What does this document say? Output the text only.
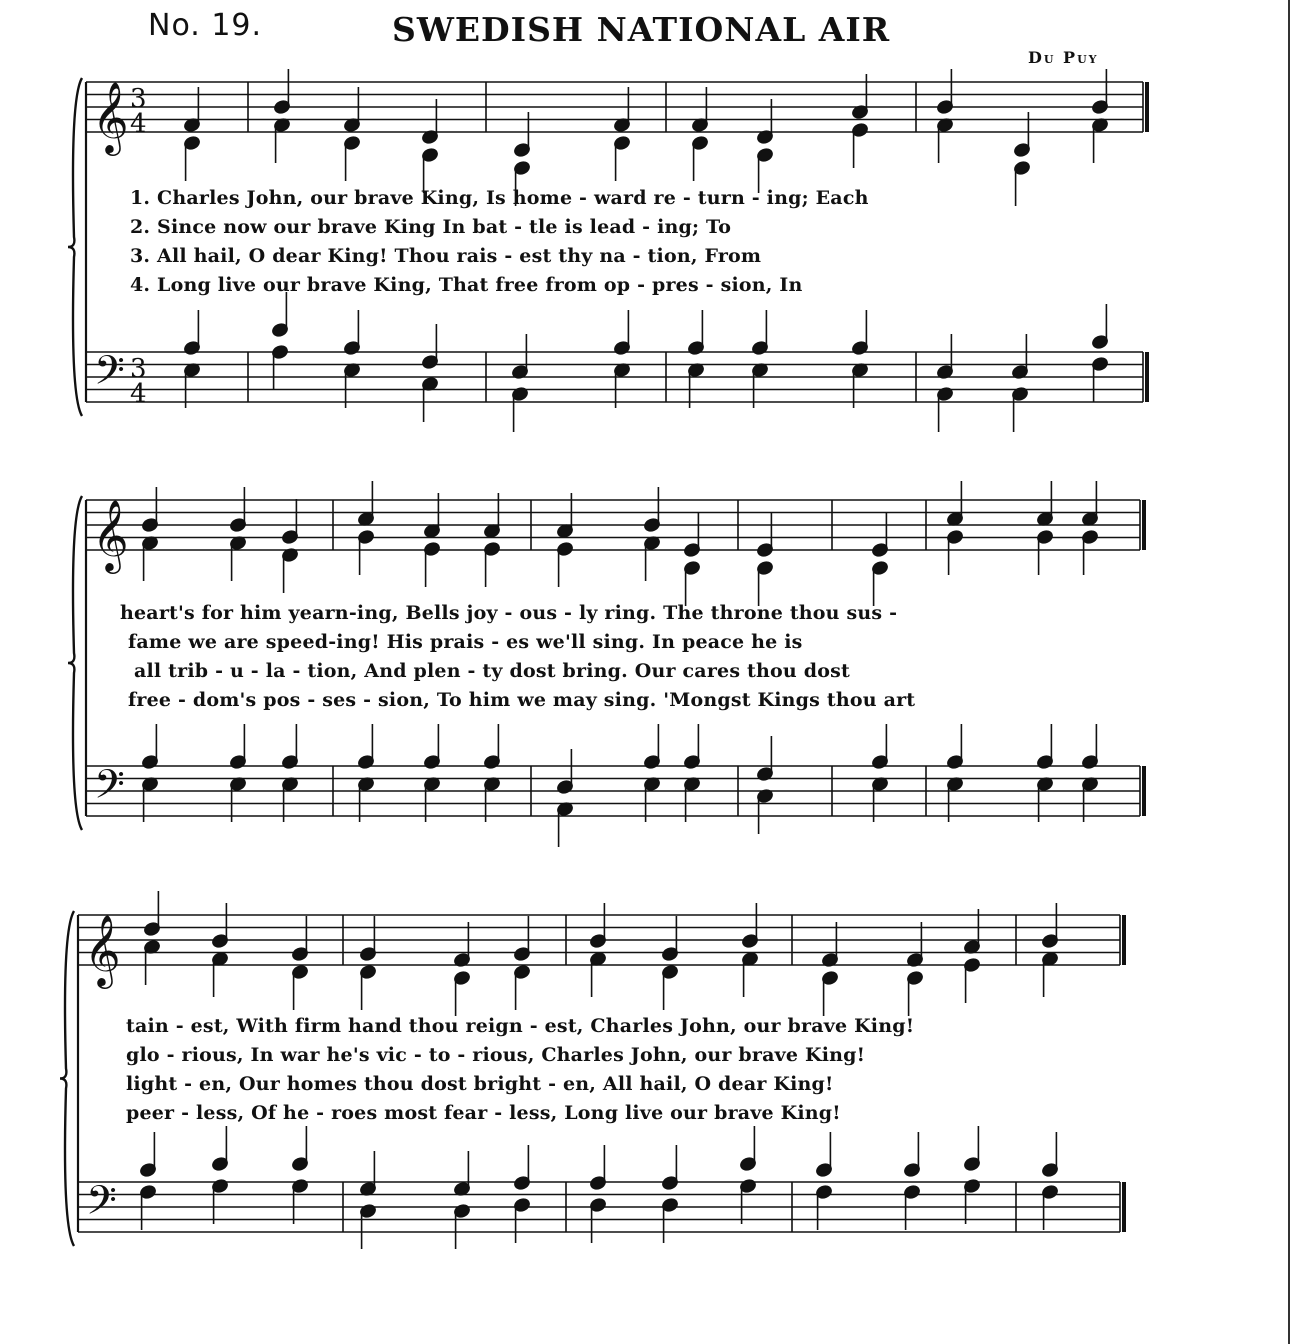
No. 19.	SWEDISH NATIONAL AIR
Du Puy
𝄞
𝄢
3
4
3
4
𝄞
𝄢
𝄞
𝄢
1. Charles John, our brave King, Is home - ward re - turn - ing; Each
2. Since now our brave King In bat - tle is lead - ing; To
3. All hail, O dear King! Thou rais - est thy na - tion, From
4. Long live our brave King, That free from op - pres - sion, In
heart's for him yearn-ing, Bells joy - ous - ly ring. The throne thou sus -
fame we are speed-ing! His prais - es we'll sing. In peace he is
all trib - u - la - tion, And plen - ty dost bring. Our cares thou dost
free - dom's pos - ses - sion, To him we may sing. 'Mongst Kings thou art
tain - est, With firm hand thou reign - est, Charles John, our brave King!
glo - rious, In war he's vic - to - rious, Charles John, our brave King!
light - en, Our homes thou dost bright - en, All hail, O dear King!
peer - less, Of he - roes most fear - less, Long live our brave King!
